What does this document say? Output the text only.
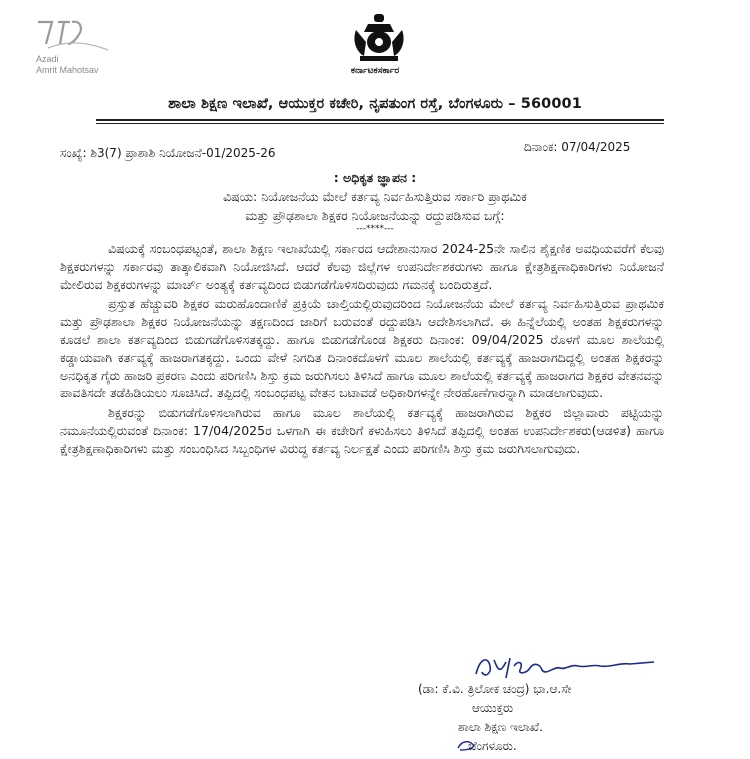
Azadi
Amrit Mahotsav	ಕರ್ನಾಟಕಸರ್ಕಾರ
ಶಾಲಾ ಶಿಕ್ಷಣ ಇಲಾಖೆ, ಆಯುಕ್ತರ ಕಚೇರಿ, ನೃಪತುಂಗ ರಸ್ತೆ, ಬೆಂಗಳೂರು – 560001
ಸಂಖ್ಯೆ: ಶಿ3(7) ಪ್ರಾಶಾಶಿ ನಿಯೋಜನೆ-01/2025-26	ದಿನಾಂಕ: 07/04/2025
: ಅಧಿಕೃತ ಜ್ಞಾಪನ :
ವಿಷಯ: ನಿಯೋಜನೆಯ ಮೇಲೆ ಕರ್ತವ್ಯ ನಿರ್ವಹಿಸುತ್ತಿರುವ ಸರ್ಕಾರಿ ಪ್ರಾಥಮಿಕ
ಮತ್ತು ಪ್ರೌಢಶಾಲಾ ಶಿಕ್ಷಕರ ನಿಯೋಜನೆಯನ್ನು ರದ್ದುಪಡಿಸುವ ಬಗ್ಗೆ:
---****---

ವಿಷಯಕ್ಕೆ ಸಂಬಂಧಪಟ್ಟಂತೆ, ಶಾಲಾ ಶಿಕ್ಷಣ ಇಲಾಖೆಯಲ್ಲಿ ಸರ್ಕಾರದ ಆದೇಶಾನುಸಾರ 2024-25ನೇ ಸಾಲಿನ ಶೈಕ್ಷಣಿಕ ಅವಧಿಯವರೆಗೆ ಕೆಲವು ಶಿಕ್ಷಕರುಗಳನ್ನು ಸರ್ಕಾರವು ತಾತ್ಕಾಲಿಕವಾಗಿ ನಿಯೋಜಿಸಿದೆ. ಆದರೆ ಕೆಲವು ಜಿಲ್ಲೆಗಳ ಉಪನಿರ್ದೇಶಕರುಗಳು ಹಾಗೂ ಕ್ಷೇತ್ರಶಿಕ್ಷಣಾಧಿಕಾರಿಗಳು ನಿಯೋಜನೆ ಮೇಲಿರುವ ಶಿಕ್ಷಕರುಗಳನ್ನು ಮಾರ್ಚ್ ಅಂತ್ಯಕ್ಕೆ ಕರ್ತವ್ಯದಿಂದ ಬಿಡುಗಡೆಗೊಳಿಸದಿರುವುದು ಗಮನಕ್ಕೆ ಬಂದಿರುತ್ತದೆ.

ಪ್ರಸ್ತುತ ಹೆಚ್ಚುವರಿ ಶಿಕ್ಷಕರ ಮರುಹೊಂದಾಣಿಕೆ ಪ್ರಕ್ರಿಯೆ ಚಾಲ್ತಿಯಲ್ಲಿರುವುದರಿಂದ ನಿಯೋಜನೆಯ ಮೇಲೆ ಕರ್ತವ್ಯ ನಿರ್ವಹಿಸುತ್ತಿರುವ ಪ್ರಾಥಮಿಕ ಮತ್ತು ಪ್ರೌಢಶಾಲಾ ಶಿಕ್ಷಕರ ನಿಯೋಜನೆಯನ್ನು ತಕ್ಷಣದಿಂದ ಜಾರಿಗೆ ಬರುವಂತೆ ರದ್ದುಪಡಿಸಿ ಆದೇಶಿಸಲಾಗಿದೆ. ಈ ಹಿನ್ನೆಲೆಯಲ್ಲಿ ಅಂತಹ ಶಿಕ್ಷಕರುಗಳನ್ನು ಕೂಡಲೆ ಶಾಲಾ ಕರ್ತವ್ಯದಿಂದ ಬಿಡುಗಡೆಗೊಳಿಸತಕ್ಕದ್ದು. ಹಾಗೂ ಬಿಡುಗಡೆಗೊಂಡ ಶಿಕ್ಷಕರು ದಿನಾಂಕ: 09/04/2025 ರೊಳಗೆ ಮೂಲ ಶಾಲೆಯಲ್ಲಿ ಕಡ್ಡಾಯವಾಗಿ ಕರ್ತವ್ಯಕ್ಕೆ ಹಾಜರಾಗತಕ್ಕದ್ದು. ಒಂದು ವೇಳೆ ನಿಗದಿತ ದಿನಾಂಕದೊಳಗೆ ಮೂಲ ಶಾಲೆಯಲ್ಲಿ ಕರ್ತವ್ಯಕ್ಕೆ ಹಾಜರಾಗದಿದ್ದಲ್ಲಿ ಅಂತಹ ಶಿಕ್ಷಕರನ್ನು ಅನಧಿಕೃತ ಗೈರು ಹಾಜರಿ ಪ್ರಕರಣ ಎಂದು ಪರಿಗಣಿಸಿ ಶಿಸ್ತು ಕ್ರಮ ಜರುಗಿಸಲು ತಿಳಿಸಿದೆ ಹಾಗೂ ಮೂಲ ಶಾಲೆಯಲ್ಲಿ ಕರ್ತವ್ಯಕ್ಕೆ ಹಾಜರಾಗದ ಶಿಕ್ಷಕರ ವೇತನವನ್ನು ಪಾವತಿಸದೇ ತಡೆಹಿಡಿಯಲು ಸೂಚಿಸಿದೆ. ತಪ್ಪಿದಲ್ಲಿ ಸಂಬಂಧಪಟ್ಟ ವೇತನ ಬಟಾವಡೆ ಅಧಿಕಾರಿಗಳನ್ನೇ ನೇರಹೊಣೆಗಾರನ್ನಾಗಿ ಮಾಡಲಾಗುವುದು.

ಶಿಕ್ಷಕರನ್ನು ಬಿಡುಗಡೆಗೊಳಿಸಲಾಗಿರುವ ಹಾಗೂ ಮೂಲ ಶಾಲೆಯಲ್ಲಿ ಕರ್ತವ್ಯಕ್ಕೆ ಹಾಜರಾಗಿರುವ ಶಿಕ್ಷಕರ ಜಿಲ್ಲಾವಾರು ಪಟ್ಟಿಯನ್ನು ನಮೂನೆಯಲ್ಲಿರುವಂತೆ ದಿನಾಂಕ: 17/04/2025ರ ಒಳಗಾಗಿ ಈ ಕಚೇರಿಗೆ ಕಳುಹಿಸಲು ತಿಳಿಸಿದೆ ತಪ್ಪಿದಲ್ಲಿ ಅಂತಹ ಉಪನಿರ್ದೇಶಕರು(ಆಡಳಿತ) ಹಾಗೂ ಕ್ಷೇತ್ರಶಿಕ್ಷಣಾಧಿಕಾರಿಗಳು ಮತ್ತು ಸಂಬಂಧಿಸಿದ ಸಿಬ್ಬಂಧಿಗಳ ವಿರುದ್ಧ ಕರ್ತವ್ಯ ನಿರ್ಲಕ್ಷತೆ ಎಂದು ಪರಿಗಣಿಸಿ ಶಿಸ್ತು ಕ್ರಮ ಜರುಗಿಸಲಾಗುವುದು.

(ಡಾ: ಕೆ.ವಿ. ತ್ರಿಲೋಕ ಚಂದ್ರ) ಭಾ.ಆ.ಸೇ
ಆಯುಕ್ತರು
ಶಾಲಾ ಶಿಕ್ಷಣ ಇಲಾಖೆ.
ಬೆಂಗಳೂರು.
